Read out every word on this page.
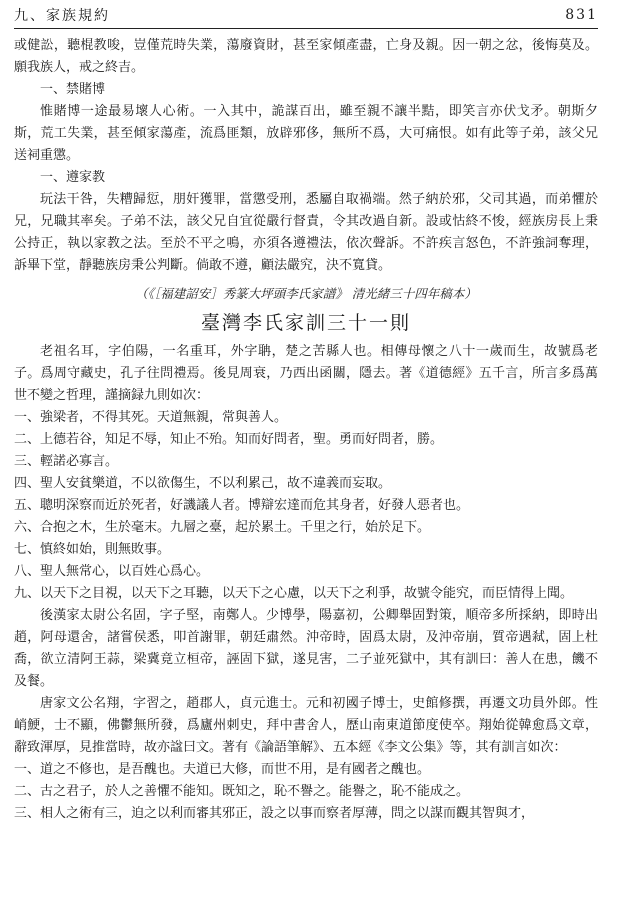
九、家族規約	831

或健訟，聽棍教唆，豈僅荒時失業，蕩廢資財，甚至家傾產盡，亡身及親。因一朝之忿，後悔莫及。願我族人，戒之終吉。

一、禁賭博

惟賭博一途最易壞人心術。一入其中，詭謀百出，雖至親不讓半黠，即笑言亦伏戈矛。朝斯夕斯，荒工失業，甚至傾家蕩產，流爲匪類，放辟邪侈，無所不爲，大可痛恨。如有此等子弟，該父兄送祠重懲。

一、遵家教

玩法干咎，失糟歸愆，朋奸獲罪，當懲受刑，悉屬自取禍端。然子納於邪，父司其過，而弟懼於兄，兄職其率矣。子弟不法，該父兄自宜從嚴行督責，令其改過自新。設或怙終不悛，經族房長上秉公持正，執以家教之法。至於不平之鳴，亦須各遵禮法，依次聲訴。不許疾言怒色，不許強詞奪理，訴畢下堂，靜聽族房秉公判斷。倘敢不遵，顧法嚴究，決不寬貸。

（《［福建詔安］秀篆大坪頭李氏家譜》 清光緒三十四年稿本）

臺灣李氏家訓三十一則

老祖名耳，字伯陽，一名重耳，外字聃，楚之苦縣人也。相傳母懷之八十一歲而生，故號爲老子。爲周守藏史，孔子往問禮焉。後見周衰，乃西出函關，隱去。著《道德經》五千言，所言多爲萬世不變之哲理，謹摘録九則如次：

一、強梁者，不得其死。天道無親，常與善人。

二、上德若谷，知足不辱，知止不殆。知而好問者，聖。勇而好問者，勝。

三、輕諾必寡言。

四、聖人安貧樂道，不以欲傷生，不以利累己，故不違義而妄取。

五、聰明深察而近於死者，好譏議人者。博辯宏達而危其身者，好發人惡者也。

六、合抱之木，生於毫末。九層之臺，起於累土。千里之行，始於足下。

七、慎終如始，則無敗事。

八、聖人無常心，以百姓心爲心。

九、以天下之目視，以天下之耳聽，以天下之心慮，以天下之利爭，故號令能究，而臣情得上聞。

後漢家太尉公名固，字子堅，南鄭人。少博學，陽嘉初，公卿舉固對策，順帝多所採納，即時出趙，阿母還舍，諸嘗侯悉，叩首謝罪，朝廷肅然。沖帝時，固爲太尉，及沖帝崩，質帝遇弒，固上杜喬，欲立清阿王蒜，梁冀竟立桓帝，誣固下獄，遂見害，二子並死獄中，其有訓曰：善人在患，饑不及餐。

唐家文公名翔，字習之，趙郡人，貞元進士。元和初國子博士，史館修撰，再遷文功員外郎。性峭鯁，士不顯，佛鬱無所發，爲廬州刺史，拜中書舍人，歷山南東道節度使卒。翔始從韓愈爲文章，辭致渾厚，見推當時，故亦諡曰文。著有《論語筆解》、五本經《李文公集》等，其有訓言如次：

一、道之不修也，是吾醜也。夫道已大修，而世不用，是有國者之醜也。

二、古之君子，於人之善懼不能知。既知之，恥不譽之。能譽之，恥不能成之。

三、相人之術有三，迫之以利而審其邪正，設之以事而察者厚薄，問之以謀而觀其智與才，
